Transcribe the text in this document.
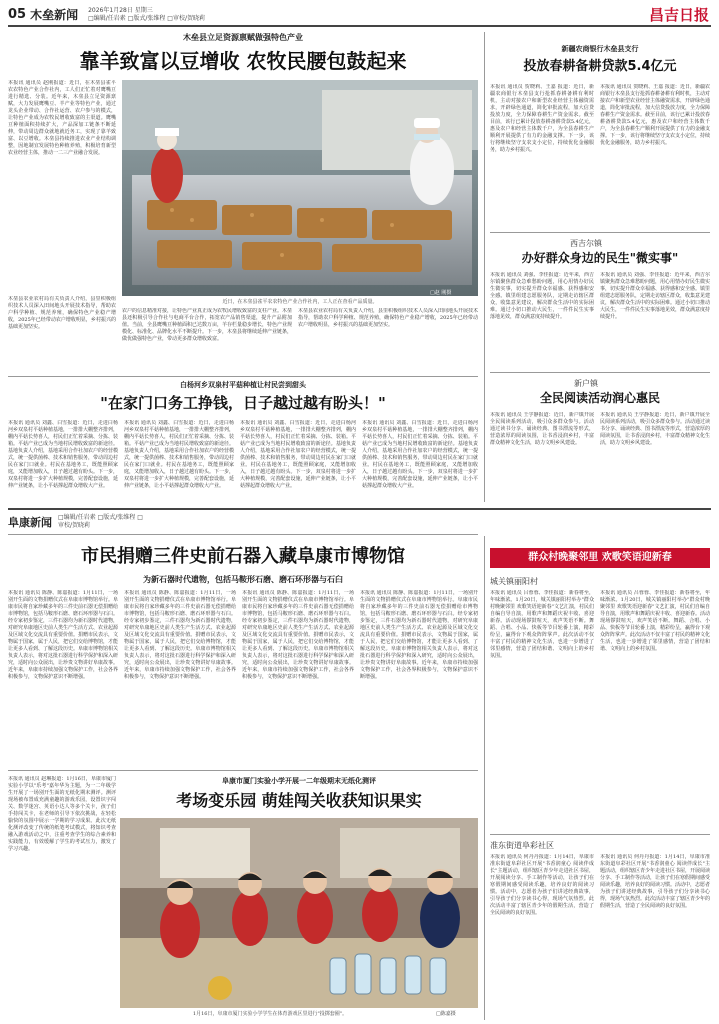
05 木垒新闻 2026年1月28日 星期三
□编辑/任岩素 □版式/张维程 □审校/贺晓莉	昌吉日报
木垒县立足资源禀赋做强特色产业
靠羊致富以豆增收 农牧民腰包鼓起来
本报讯 通讯员 赵刚报道：近日，在木垒县雀平农农特色产业合作社内，工人们正忙着对鹰嘴豆进行精选、分装。近年来，木垒县立足资源禀赋，大力发展鹰嘴豆、羊产业等特色产业，通过龙头企业带动、合作社运营、农户参与的模式，让特色产业成为农牧民增收致富的主渠道。鹰嘴豆种植面积持续扩大，产品深加工链条不断延伸，带动周边群众就地就近务工，实现了靠羊致富、以豆增收。木垒县持续推进农业产业结构调整，因地制宜发展特色种植养殖，积极培育新型农业经营主体，推动一二三产业融合发展。
近日，在木垒县雀平农农特色产业合作社内，工人正在查看产品质量。
□赵 刚摄
木垒县农业农村局有关负责人介绍，县里积极组织技术人员深入田间地头开展技术指导，帮助农户科学种植、规范养殖，确保特色产业稳产增收，2025年已经带动农户增收明显，乡村振兴的基础更加坚实。
农户的信息精准对接，让特色产业真正成为农牧民增收致富的支柱产业。木垒县还积极引导合作社与电商平台合作，拓宽农产品销售渠道，提升产品附加值。当前，全县鹰嘴豆种植面积已达数万亩，羊存栏量稳步增长，特色产业规模化、标准化、品牌化水平不断提升。下一步，木垒县将继续延伸产业链条，做优做强特色产业，带动更多群众增收致富。
木垒县农业农村局有关负责人介绍，县里积极组织技术人员深入田间地头开展技术指导，帮助农户科学种植、规范养殖，确保特色产业稳产增收，2025年已经带动农户增收明显，乡村振兴的基础更加坚实。
新疆农商银行木垒县支行
投放春耕备耕贷款5.4亿元
本报讯 通讯员 贺晓莉、王嘉 报道：近日，新疆农商银行木垒县支行抢抓春耕备耕有利时机，主动对接农户和新型农业经营主体融资需求，开辟绿色通道，简化审批流程，加大信贷投放力度，全力保障春耕生产资金需求。截至目前，该行已累计投放春耕备耕贷款5.4亿元，惠及农户和经营主体数千户，为全县春耕生产顺利开展提供了有力的金融支撑。下一步，该行将继续坚守支农支小定位，持续优化金融服务，助力乡村振兴。
本报讯 通讯员 贺晓莉、王嘉 报道：近日，新疆农商银行木垒县支行抢抓春耕备耕有利时机，主动对接农户和新型农业经营主体融资需求，开辟绿色通道，简化审批流程，加大信贷投放力度，全力保障春耕生产资金需求。截至目前，该行已累计投放春耕备耕贷款5.4亿元，惠及农户和经营主体数千户，为全县春耕生产顺利开展提供了有力的金融支撑。下一步，该行将继续坚守支农支小定位，持续优化金融服务，助力乡村振兴。
西吉尔镇
办好群众身边的民生"微实事"
本报讯 通讯员 刘强、李佳报道：近年来，西吉尔镇聚焦群众急难愁盼问题，用心用情办好民生微实事，切实提升群众幸福感、获得感和安全感。镇里组建志愿服务队，定期走访辖区群众，收集意见建议，解决群众生活中的实际困难。通过小切口推动大民生，一件件民生实事落地见效，群众满意度持续提升。
本报讯 通讯员 刘强、李佳报道：近年来，西吉尔镇聚焦群众急难愁盼问题，用心用情办好民生微实事，切实提升群众幸福感、获得感和安全感。镇里组建志愿服务队，定期走访辖区群众，收集意见建议，解决群众生活中的实际困难。通过小切口推动大民生，一件件民生实事落地见效，群众满意度持续提升。
新户镇
全民阅读活动润心惠民
本报讯 通讯员 王学静报道：近日，新户镇开展全民阅读系列活动，吸引众多群众参与。活动通过读书分享、诵读经典、图书漂流等形式，营造浓厚的阅读氛围，让书香浸润乡村，丰富群众精神文化生活，助力文明乡风建设。
本报讯 通讯员 王学静报道：近日，新户镇开展全民阅读系列活动，吸引众多群众参与。活动通过读书分享、诵读经典、图书漂流等形式，营造浓厚的阅读氛围，让书香浸润乡村，丰富群众精神文化生活，助力文明乡风建设。
白杨河乡双泉村平菇种植让村民尝到甜头
"在家门口务工挣钱，日子越过越有盼头！"
本报讯 通讯员 刘鑫、白雪报道：近日，走进白杨河乡双泉村平菇种植基地，一排排大棚整齐排列，棚内平菇长势喜人，村民们正忙着采摘、分拣、装箱。平菇产业已成为当地村民增收致富的新途径。基地负责人介绍，基地采用合作社加农户的经营模式，统一提供菌棒、技术和销售服务，带动周边村民在家门口就业。村民在基地务工，既能照顾家庭，又能增加收入，日子越过越有盼头。下一步，双泉村将进一步扩大种植规模，完善配套设施，延伸产业链条，让小平菇撑起群众增收大产业。
本报讯 通讯员 刘鑫、白雪报道：近日，走进白杨河乡双泉村平菇种植基地，一排排大棚整齐排列，棚内平菇长势喜人，村民们正忙着采摘、分拣、装箱。平菇产业已成为当地村民增收致富的新途径。基地负责人介绍，基地采用合作社加农户的经营模式，统一提供菌棒、技术和销售服务，带动周边村民在家门口就业。村民在基地务工，既能照顾家庭，又能增加收入，日子越过越有盼头。下一步，双泉村将进一步扩大种植规模，完善配套设施，延伸产业链条，让小平菇撑起群众增收大产业。
本报讯 通讯员 刘鑫、白雪报道：近日，走进白杨河乡双泉村平菇种植基地，一排排大棚整齐排列，棚内平菇长势喜人，村民们正忙着采摘、分拣、装箱。平菇产业已成为当地村民增收致富的新途径。基地负责人介绍，基地采用合作社加农户的经营模式，统一提供菌棒、技术和销售服务，带动周边村民在家门口就业。村民在基地务工，既能照顾家庭，又能增加收入，日子越过越有盼头。下一步，双泉村将进一步扩大种植规模，完善配套设施，延伸产业链条，让小平菇撑起群众增收大产业。
本报讯 通讯员 刘鑫、白雪报道：近日，走进白杨河乡双泉村平菇种植基地，一排排大棚整齐排列，棚内平菇长势喜人，村民们正忙着采摘、分拣、装箱。平菇产业已成为当地村民增收致富的新途径。基地负责人介绍，基地采用合作社加农户的经营模式，统一提供菌棒、技术和销售服务，带动周边村民在家门口就业。村民在基地务工，既能照顾家庭，又能增加收入，日子越过越有盼头。下一步，双泉村将进一步扩大种植规模，完善配套设施，延伸产业链条，让小平菇撑起群众增收大产业。
阜康新闻 □编辑/任岩素 □版式/张维程 □审校/贺晓莉
市民捐赠三件史前石器入藏阜康市博物馆
为新石器时代遗物，包括马鞍形石磨、磨石环形器与石臼
本报讯 通讯员 陈静、陈嘉报道：1月11日，一场别开生面的文物捐赠仪式在阜康市博物馆举行。阜康市民将自家珍藏多年的三件史前石器无偿捐赠给市博物馆，包括马鞍形石磨、磨石环形器与石臼。经专家初步鉴定，三件石器均为新石器时代遗物，对研究阜康地区史前人类生产生活方式、农业起源及区域文化交流具有重要价值。捐赠市民表示，文物属于国家，属于人民，把它们交给博物馆，才能让更多人看到、了解这段历史。阜康市博物馆相关负责人表示，将对这批石器进行科学保护和深入研究，适时向公众展出，让珍贵文物讲好阜康故事。近年来，阜康市持续加强文物保护工作，社会各界积极参与，文物保护意识不断增强。
本报讯 通讯员 陈静、陈嘉报道：1月11日，一场别开生面的文物捐赠仪式在阜康市博物馆举行。阜康市民将自家珍藏多年的三件史前石器无偿捐赠给市博物馆，包括马鞍形石磨、磨石环形器与石臼。经专家初步鉴定，三件石器均为新石器时代遗物，对研究阜康地区史前人类生产生活方式、农业起源及区域文化交流具有重要价值。捐赠市民表示，文物属于国家，属于人民，把它们交给博物馆，才能让更多人看到、了解这段历史。阜康市博物馆相关负责人表示，将对这批石器进行科学保护和深入研究，适时向公众展出，让珍贵文物讲好阜康故事。近年来，阜康市持续加强文物保护工作，社会各界积极参与，文物保护意识不断增强。
本报讯 通讯员 陈静、陈嘉报道：1月11日，一场别开生面的文物捐赠仪式在阜康市博物馆举行。阜康市民将自家珍藏多年的三件史前石器无偿捐赠给市博物馆，包括马鞍形石磨、磨石环形器与石臼。经专家初步鉴定，三件石器均为新石器时代遗物，对研究阜康地区史前人类生产生活方式、农业起源及区域文化交流具有重要价值。捐赠市民表示，文物属于国家，属于人民，把它们交给博物馆，才能让更多人看到、了解这段历史。阜康市博物馆相关负责人表示，将对这批石器进行科学保护和深入研究，适时向公众展出，让珍贵文物讲好阜康故事。近年来，阜康市持续加强文物保护工作，社会各界积极参与，文物保护意识不断增强。
本报讯 通讯员 陈静、陈嘉报道：1月11日，一场别开生面的文物捐赠仪式在阜康市博物馆举行。阜康市民将自家珍藏多年的三件史前石器无偿捐赠给市博物馆，包括马鞍形石磨、磨石环形器与石臼。经专家初步鉴定，三件石器均为新石器时代遗物，对研究阜康地区史前人类生产生活方式、农业起源及区域文化交流具有重要价值。捐赠市民表示，文物属于国家，属于人民，把它们交给博物馆，才能让更多人看到、了解这段历史。阜康市博物馆相关负责人表示，将对这批石器进行科学保护和深入研究，适时向公众展出，让珍贵文物讲好阜康故事。近年来，阜康市持续加强文物保护工作，社会各界积极参与，文物保护意识不断增强。
阜康市厦门实验小学开展一二年级期末无纸化测评
考场变乐园 萌娃闯关收获知识果实
本报讯 通讯员 赵琳报道：1月16日，阜康市厦门实验小学以"乐考"嘉年华为主题，为一二年级学生开展了一场别开生面的无纸化期末测评。测评现场被布置成充满童趣的游戏乐园，设置识字闯关、数学迷宫、英语小达人等多个关卡，孩子们手持闯关卡，在老师的引导下依次挑战，在轻松愉快的氛围中展示一学期的学习成果。此次无纸化测评改变了传统的纸笔考试模式，将知识考查融入游戏活动之中，注重考查学生的综合素养和实践能力，有效缓解了学生的考试压力，激发了学习兴趣。
1月16日，阜康市厦门实验小学学生在体育游戏区里进行"投掷套圈"。	□陈嘉摄
群众村晚聚邻里 欢歌笑语迎新春
城关镇丽阳村
本报讯 通讯员 吕蓉蓉、李佳报道：新春将至，年味渐浓。1月20日，城关镇丽阳村举办"群众村晚聚邻里 欢歌笑语迎新春"文艺汇演，村民们自编自导自演，用歌声和舞蹈庆祝丰收、喜迎新春。活动现场锣鼓喧天，欢声笑语不断。舞蹈、合唱、小品、快板等节目轮番上演，精彩纷呈，赢得台下观众阵阵掌声。此次活动不仅丰富了村民的精神文化生活，也进一步增进了邻里感情，营造了团结和谐、文明向上的乡村氛围。
本报讯 通讯员 吕蓉蓉、李佳报道：新春将至，年味渐浓。1月20日，城关镇丽阳村举办"群众村晚聚邻里 欢歌笑语迎新春"文艺汇演，村民们自编自导自演，用歌声和舞蹈庆祝丰收、喜迎新春。活动现场锣鼓喧天，欢声笑语不断。舞蹈、合唱、小品、快板等节目轮番上演，精彩纷呈，赢得台下观众阵阵掌声。此次活动不仅丰富了村民的精神文化生活，也进一步增进了邻里感情，营造了团结和谐、文明向上的乡村氛围。
准东街道阜彩社区
本报讯 通讯员 何丹丹报道：1月14日，阜康市准东街道阜彩社区开展"书香润童心 阅读伴成长"主题活动，组织辖区青少年走进社区书屋，开展阅读分享、手工制作等活动，让孩子们在寒假期间感受阅读乐趣，培养良好的阅读习惯。活动中，志愿者为孩子们讲述经典故事，引导孩子们分享读书心得，现场气氛热烈。此次活动丰富了辖区青少年的假期生活，营造了全民阅读的良好氛围。
本报讯 通讯员 何丹丹报道：1月14日，阜康市准东街道阜彩社区开展"书香润童心 阅读伴成长"主题活动，组织辖区青少年走进社区书屋，开展阅读分享、手工制作等活动，让孩子们在寒假期间感受阅读乐趣，培养良好的阅读习惯。活动中，志愿者为孩子们讲述经典故事，引导孩子们分享读书心得，现场气氛热烈。此次活动丰富了辖区青少年的假期生活，营造了全民阅读的良好氛围。
